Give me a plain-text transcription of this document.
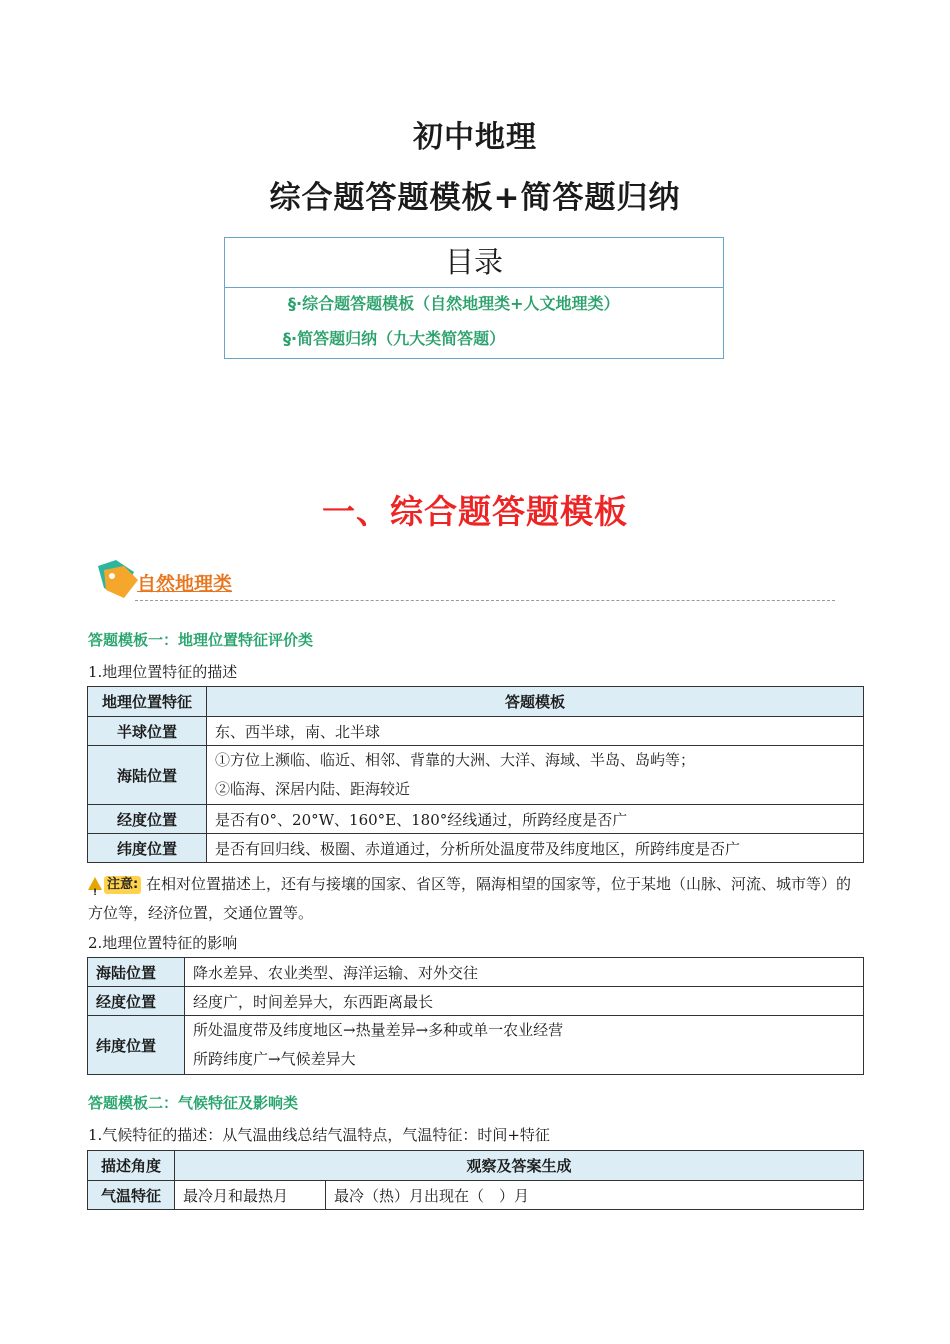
初中地理
综合题答题模板+简答题归纳
目录
§·综合题答题模板（自然地理类+人文地理类）
§·简答题归纳（九大类简答题）
一、综合题答题模板
自然地理类
答题模板一：地理位置特征评价类
1.地理位置特征的描述
地理位置特征	答题模板
半球位置	东、西半球，南、北半球
海陆位置	①方位上濒临、临近、相邻、背靠的大洲、大洋、海域、半岛、岛屿等；
②临海、深居内陆、距海较近

经度位置	是否有0°、20°W、160°E、180°经线通过，所跨经度是否广
纬度位置	是否有回归线、极圈、赤道通过，分析所处温度带及纬度地区，所跨纬度是否广
!
注意: 在相对位置描述上，还有与接壤的国家、省区等，隔海相望的国家等，位于某地（山脉、河流、城市等）的方位等，经济位置，交通位置等。
2.地理位置特征的影响
海陆位置	降水差异、农业类型、海洋运输、对外交往
经度位置	经度广，时间差异大，东西距离最长
纬度位置	所处温度带及纬度地区→热量差异→多种或单一农业经营
所跨纬度广→气候差异大
答题模板二：气候特征及影响类
1.气候特征的描述：从气温曲线总结气温特点，气温特征：时间+特征
描述角度	观察及答案生成	
气温特征	最冷月和最热月	最冷（热）月出现在（　）月
